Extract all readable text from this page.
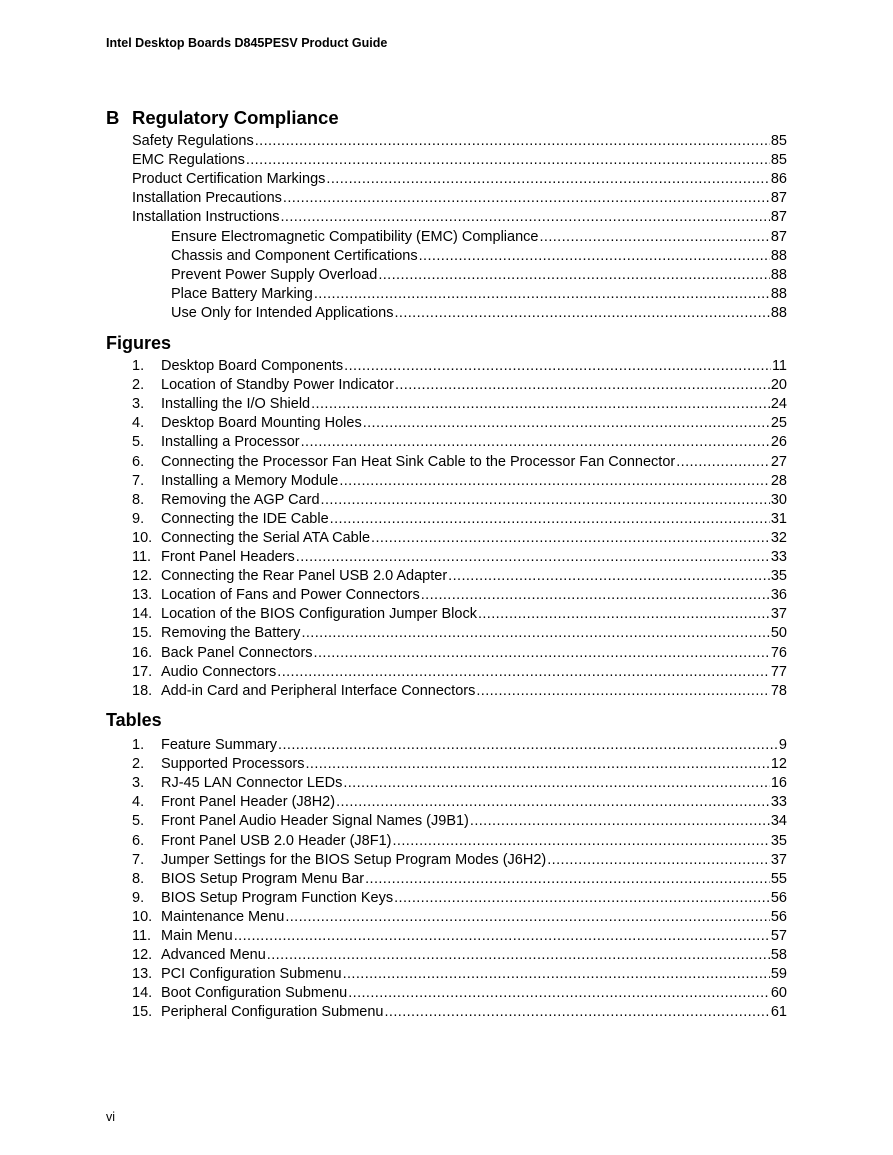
Intel Desktop Boards D845PESV Product Guide
B Regulatory Compliance
Safety Regulations .....	85
EMC Regulations .....	85
Product Certification Markings .....	86
Installation Precautions .....	87
Installation Instructions .....	87
Ensure Electromagnetic Compatibility (EMC) Compliance .....	87
Chassis and Component Certifications .....	88
Prevent Power Supply Overload .....	88
Place Battery Marking .....	88
Use Only for Intended Applications .....	88
Figures
1.	Desktop Board Components .....	11
2.	Location of Standby Power Indicator .....	20
3.	Installing the I/O Shield .....	24
4.	Desktop Board Mounting Holes .....	25
5.	Installing a Processor .....	26
6.	Connecting the Processor Fan Heat Sink Cable to the Processor Fan Connector .....	27
7.	Installing a Memory Module .....	28
8.	Removing the AGP Card .....	30
9.	Connecting the IDE Cable .....	31
10. Connecting the Serial ATA Cable .....	32
11. Front Panel Headers .....	33
12. Connecting the Rear Panel USB 2.0 Adapter .....	35
13. Location of Fans and Power Connectors .....	36
14. Location of the BIOS Configuration Jumper Block .....	37
15. Removing the Battery .....	50
16. Back Panel Connectors .....	76
17. Audio Connectors .....	77
18. Add-in Card and Peripheral Interface Connectors .....	78
Tables
1.	Feature Summary .....	9
2.	Supported Processors .....	12
3.	RJ-45 LAN Connector LEDs .....	16
4.	Front Panel Header (J8H2) .....	33
5.	Front Panel Audio Header Signal Names (J9B1) .....	34
6.	Front Panel USB 2.0 Header (J8F1) .....	35
7.	Jumper Settings for the BIOS Setup Program Modes (J6H2) .....	37
8.	BIOS Setup Program Menu Bar .....	55
9.	BIOS Setup Program Function Keys .....	56
10. Maintenance Menu .....	56
11. Main Menu .....	57
12. Advanced Menu .....	58
13. PCI Configuration Submenu .....	59
14. Boot Configuration Submenu .....	60
15. Peripheral Configuration Submenu .....	61
vi
